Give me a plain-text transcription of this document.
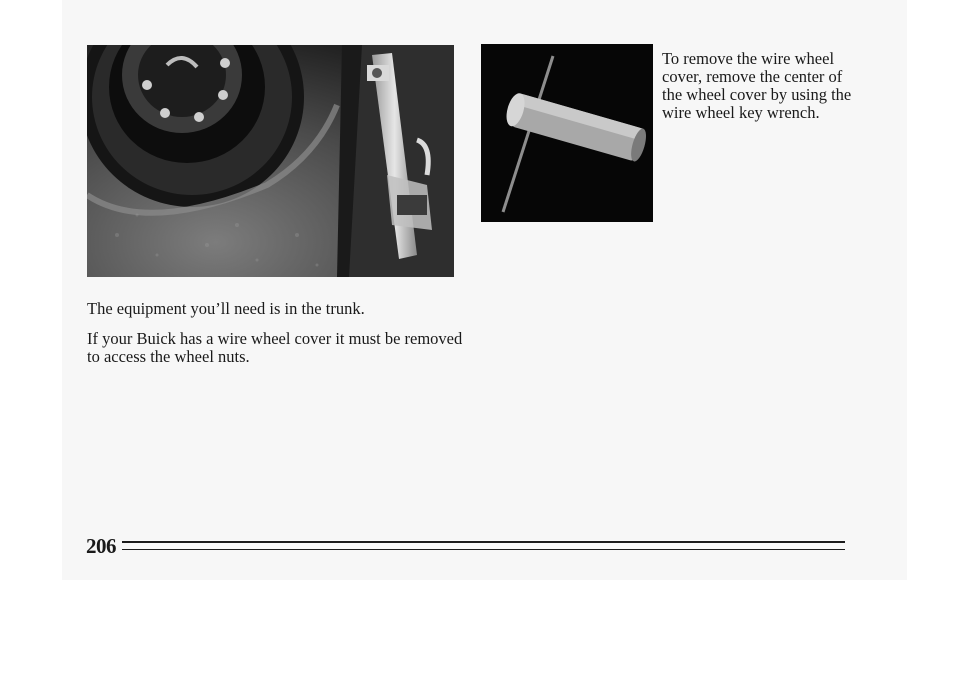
To remove the wire wheel cover, remove the center of the wheel cover by using the wire wheel key wrench.

The equipment you’ll need is in the trunk.

If your Buick has a wire wheel cover it must be removed to access the wheel nuts.

206
